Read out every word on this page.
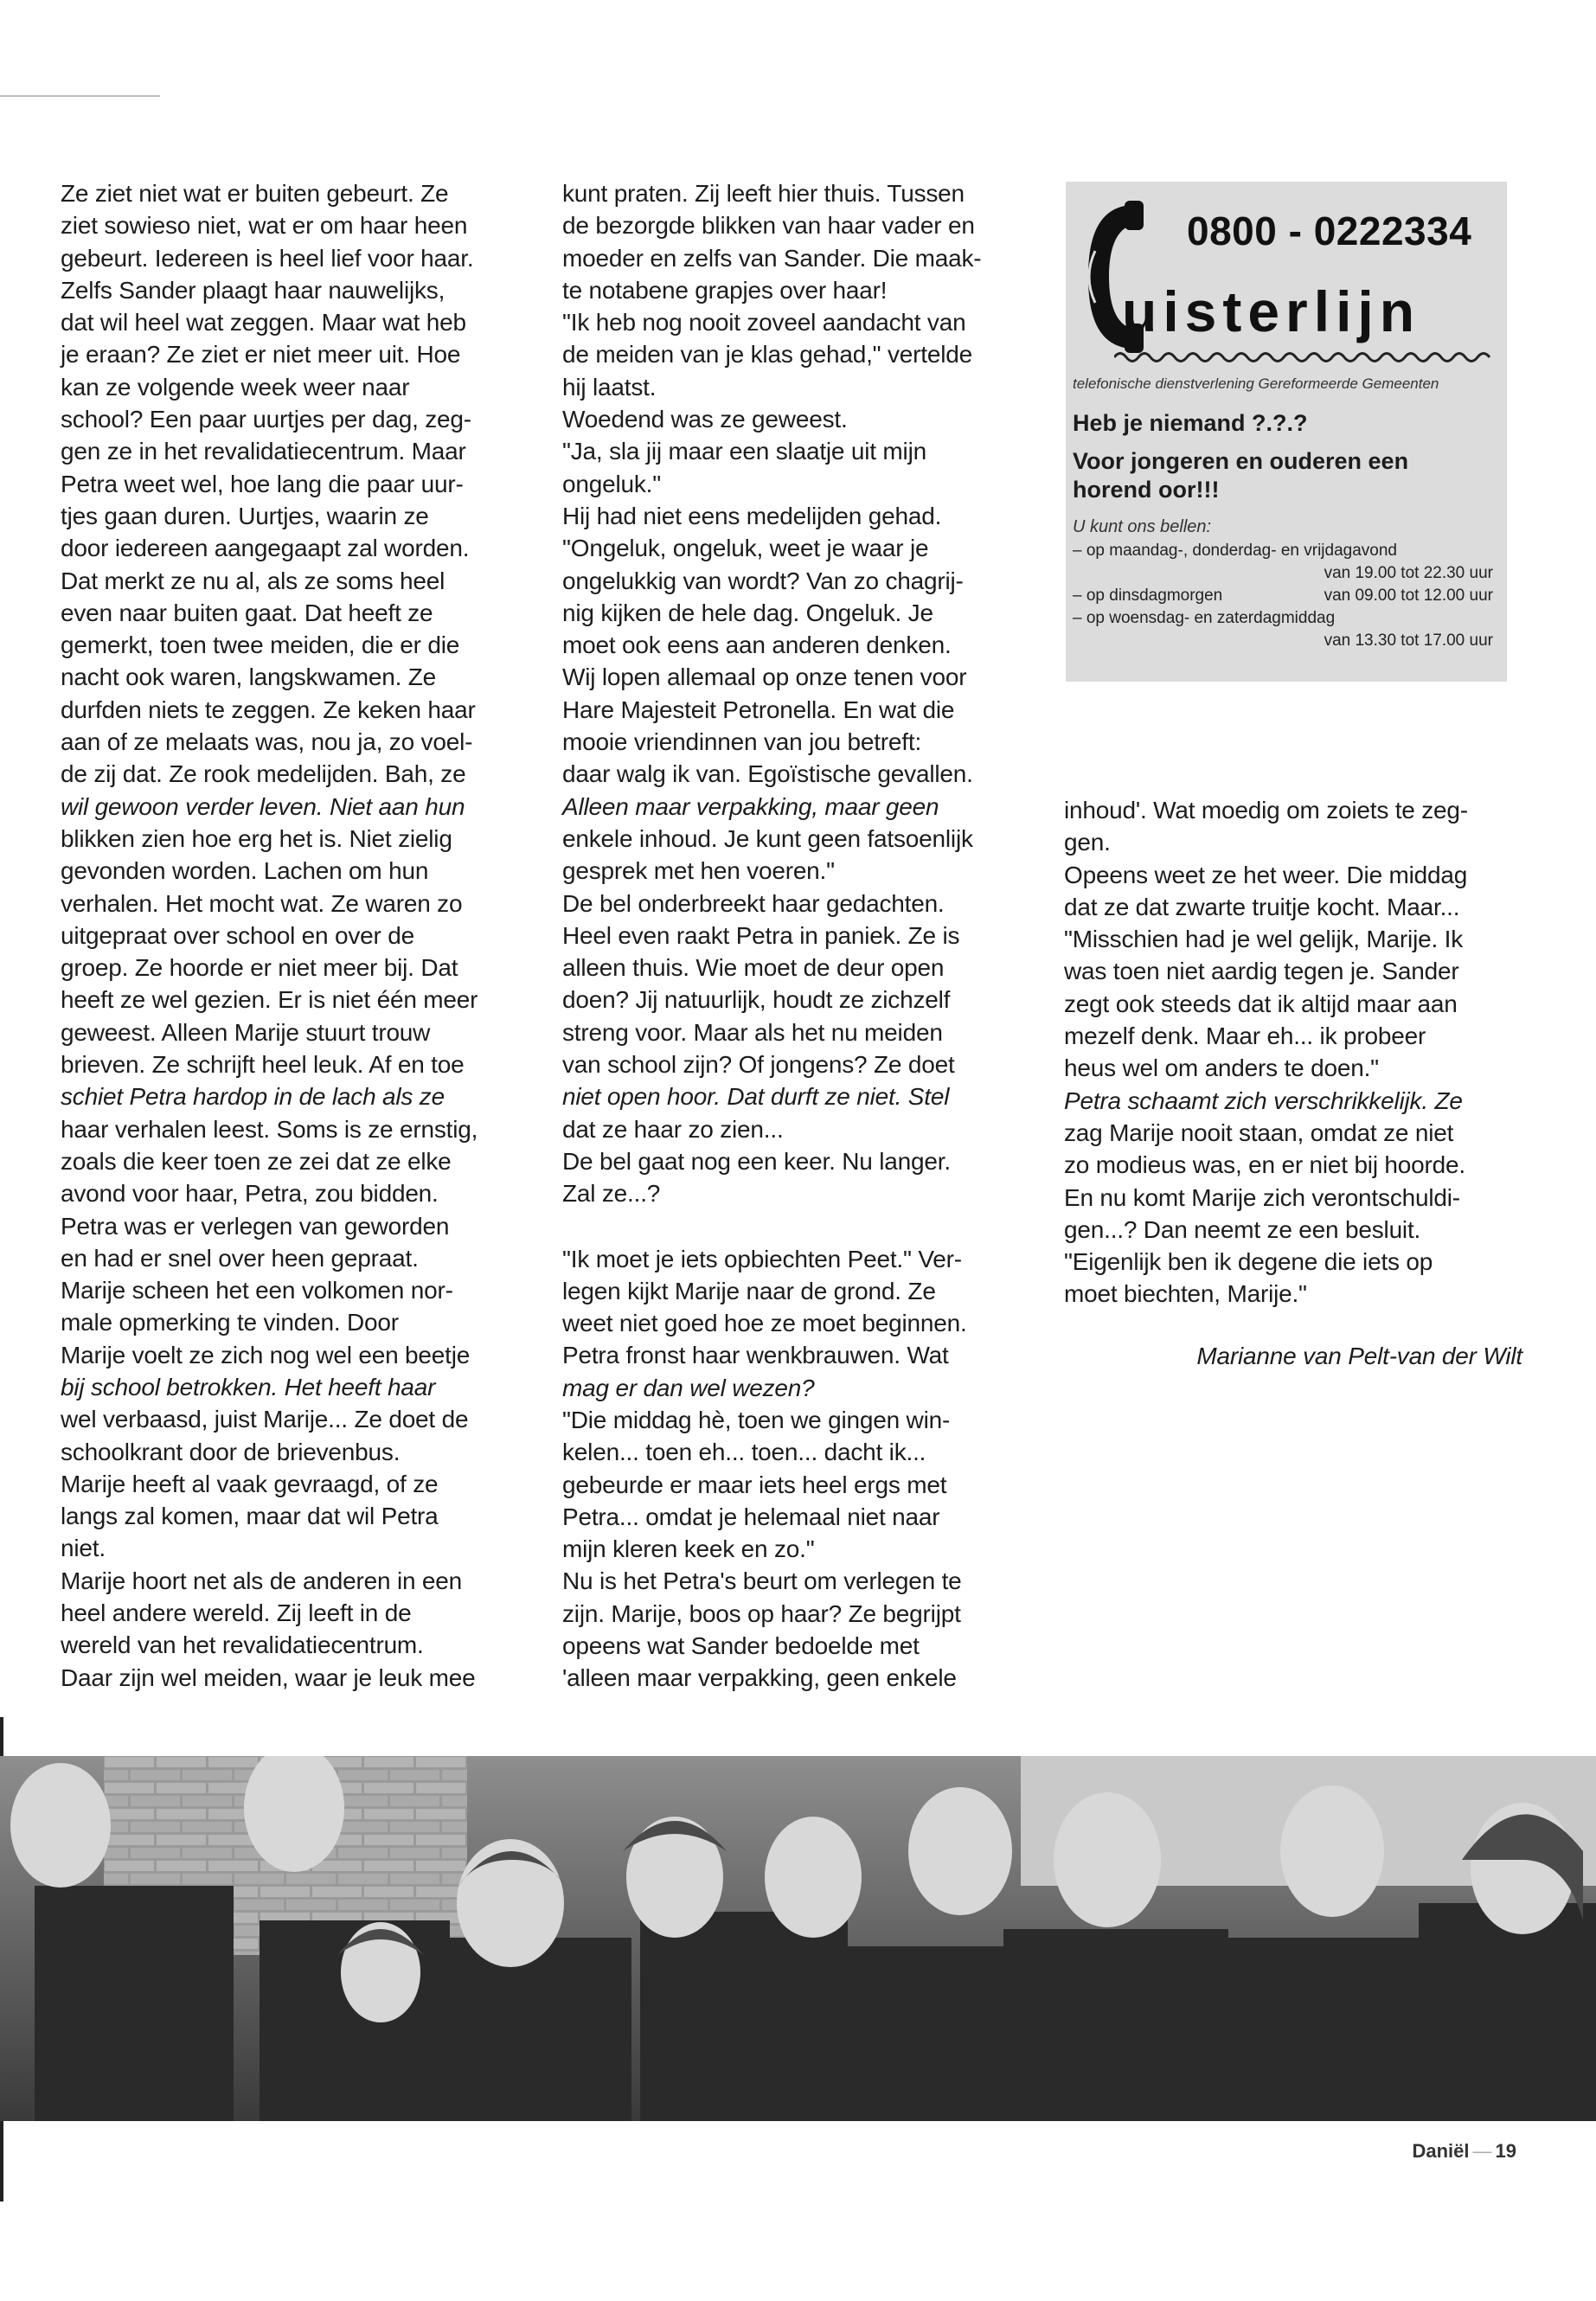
Ze ziet niet wat er buiten gebeurt. Ze

ziet sowieso niet, wat er om haar heen

gebeurt. Iedereen is heel lief voor haar.

Zelfs Sander plaagt haar nauwelijks,

dat wil heel wat zeggen. Maar wat heb

je eraan? Ze ziet er niet meer uit. Hoe

kan ze volgende week weer naar

school? Een paar uurtjes per dag, zeg-

gen ze in het revalidatiecentrum. Maar

Petra weet wel, hoe lang die paar uur-

tjes gaan duren. Uurtjes, waarin ze

door iedereen aangegaapt zal worden.

Dat merkt ze nu al, als ze soms heel

even naar buiten gaat. Dat heeft ze

gemerkt, toen twee meiden, die er die

nacht ook waren, langskwamen. Ze

durfden niets te zeggen. Ze keken haar

aan of ze melaats was, nou ja, zo voel-

de zij dat. Ze rook medelijden. Bah, ze

wil gewoon verder leven. Niet aan hun

blikken zien hoe erg het is. Niet zielig

gevonden worden. Lachen om hun

verhalen. Het mocht wat. Ze waren zo

uitgepraat over school en over de

groep. Ze hoorde er niet meer bij. Dat

heeft ze wel gezien. Er is niet één meer

geweest. Alleen Marije stuurt trouw

brieven. Ze schrijft heel leuk. Af en toe

schiet Petra hardop in de lach als ze

haar verhalen leest. Soms is ze ernstig,

zoals die keer toen ze zei dat ze elke

avond voor haar, Petra, zou bidden.

Petra was er verlegen van geworden

en had er snel over heen gepraat.

Marije scheen het een volkomen nor-

male opmerking te vinden. Door

Marije voelt ze zich nog wel een beetje

bij school betrokken. Het heeft haar

wel verbaasd, juist Marije... Ze doet de

schoolkrant door de brievenbus.

Marije heeft al vaak gevraagd, of ze

langs zal komen, maar dat wil Petra

niet.

Marije hoort net als de anderen in een

heel andere wereld. Zij leeft in de

wereld van het revalidatiecentrum.

Daar zijn wel meiden, waar je leuk mee

kunt praten. Zij leeft hier thuis. Tussen

de bezorgde blikken van haar vader en

moeder en zelfs van Sander. Die maak-

te notabene grapjes over haar!

"Ik heb nog nooit zoveel aandacht van

de meiden van je klas gehad," vertelde

hij laatst.

Woedend was ze geweest.

"Ja, sla jij maar een slaatje uit mijn

ongeluk."

Hij had niet eens medelijden gehad.

"Ongeluk, ongeluk, weet je waar je

ongelukkig van wordt? Van zo chagrij-

nig kijken de hele dag. Ongeluk. Je

moet ook eens aan anderen denken.

Wij lopen allemaal op onze tenen voor

Hare Majesteit Petronella. En wat die

mooie vriendinnen van jou betreft:

daar walg ik van. Egoïstische gevallen.

Alleen maar verpakking, maar geen

enkele inhoud. Je kunt geen fatsoenlijk

gesprek met hen voeren."

De bel onderbreekt haar gedachten.

Heel even raakt Petra in paniek. Ze is

alleen thuis. Wie moet de deur open

doen? Jij natuurlijk, houdt ze zichzelf

streng voor. Maar als het nu meiden

van school zijn? Of jongens? Ze doet

niet open hoor. Dat durft ze niet. Stel

dat ze haar zo zien...

De bel gaat nog een keer. Nu langer.

Zal ze...?

"Ik moet je iets opbiechten Peet." Ver-

legen kijkt Marije naar de grond. Ze

weet niet goed hoe ze moet beginnen.

Petra fronst haar wenkbrauwen. Wat

mag er dan wel wezen?

"Die middag hè, toen we gingen win-

kelen... toen eh... toen... dacht ik...

gebeurde er maar iets heel ergs met

Petra... omdat je helemaal niet naar

mijn kleren keek en zo."

Nu is het Petra's beurt om verlegen te

zijn. Marije, boos op haar? Ze begrijpt

opeens wat Sander bedoelde met

'alleen maar verpakking, geen enkele

inhoud'. Wat moedig om zoiets te zeg-

gen.

Opeens weet ze het weer. Die middag

dat ze dat zwarte truitje kocht. Maar...

"Misschien had je wel gelijk, Marije. Ik

was toen niet aardig tegen je. Sander

zegt ook steeds dat ik altijd maar aan

mezelf denk. Maar eh... ik probeer

heus wel om anders te doen."

Petra schaamt zich verschrikkelijk. Ze

zag Marije nooit staan, omdat ze niet

zo modieus was, en er niet bij hoorde.

En nu komt Marije zich verontschuldi-

gen...? Dan neemt ze een besluit.

"Eigenlijk ben ik degene die iets op

moet biechten, Marije."

Marianne van Pelt-van der Wilt

0800 - 0222334
uisterlijn
telefonische dienstverlening Gereformeerde Gemeenten
Heb je niemand ?.?.?
Voor jongeren en ouderen een horend oor!!!
U kunt ons bellen:
– op maandag-, donderdag- en vrijdagavond
van 19.00 tot 22.30 uur
– op dinsdagmorgen	van 09.00 tot 12.00 uur
– op woensdag- en zaterdagmiddag
van 13.30 tot 17.00 uur
Daniël — 19
